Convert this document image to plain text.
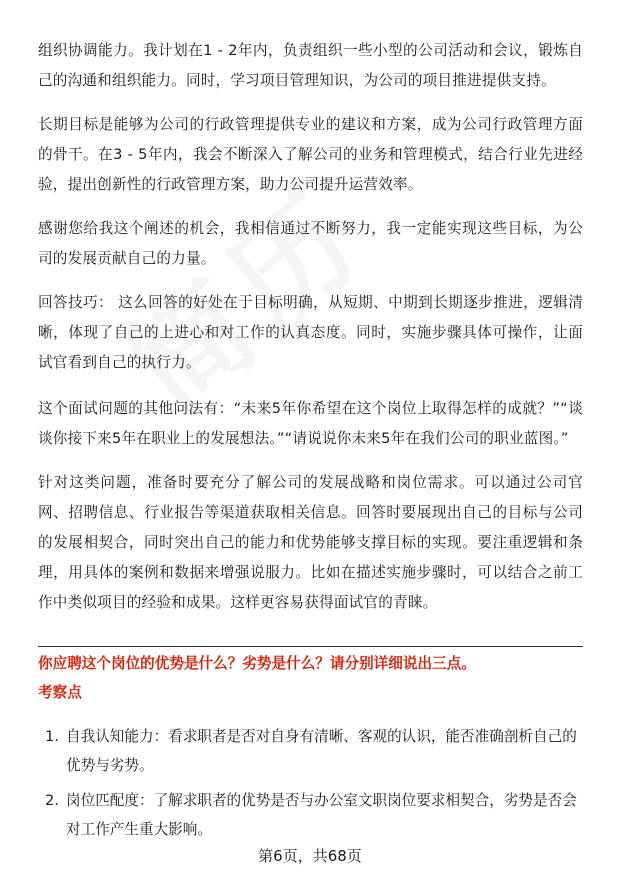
组织协调能力。我计划在1 - 2年内，负责组织一些小型的公司活动和会议，锻炼自己的沟通和组织能力。同时，学习项目管理知识，为公司的项目推进提供支持。

长期目标是能够为公司的行政管理提供专业的建议和方案，成为公司行政管理方面的骨干。在3 - 5年内，我会不断深入了解公司的业务和管理模式，结合行业先进经验，提出创新性的行政管理方案，助力公司提升运营效率。

感谢您给我这个阐述的机会，我相信通过不断努力，我一定能实现这些目标，为公司的发展贡献自己的力量。

回答技巧： 这么回答的好处在于目标明确，从短期、中期到长期逐步推进，逻辑清晰，体现了自己的上进心和对工作的认真态度。同时，实施步骤具体可操作，让面试官看到自己的执行力。

这个面试问题的其他问法有：“未来5年你希望在这个岗位上取得怎样的成就？”“谈谈你接下来5年在职业上的发展想法。”“请说说你未来5年在我们公司的职业蓝图。”

针对这类问题，准备时要充分了解公司的发展战略和岗位需求。可以通过公司官网、招聘信息、行业报告等渠道获取相关信息。回答时要展现出自己的目标与公司的发展相契合，同时突出自己的能力和优势能够支撑目标的实现。要注重逻辑和条理，用具体的案例和数据来增强说服力。比如在描述实施步骤时，可以结合之前工作中类似项目的经验和成果。这样更容易获得面试官的青睐。

你应聘这个岗位的优势是什么？劣势是什么？请分别详细说出三点。

考察点

1. 自我认知能力：看求职者是否对自身有清晰、客观的认识，能否准确剖析自己的优势与劣势。
2. 岗位匹配度：了解求职者的优势是否与办公室文职岗位要求相契合，劣势是否会对工作产生重大影响。
第6页，共68页
